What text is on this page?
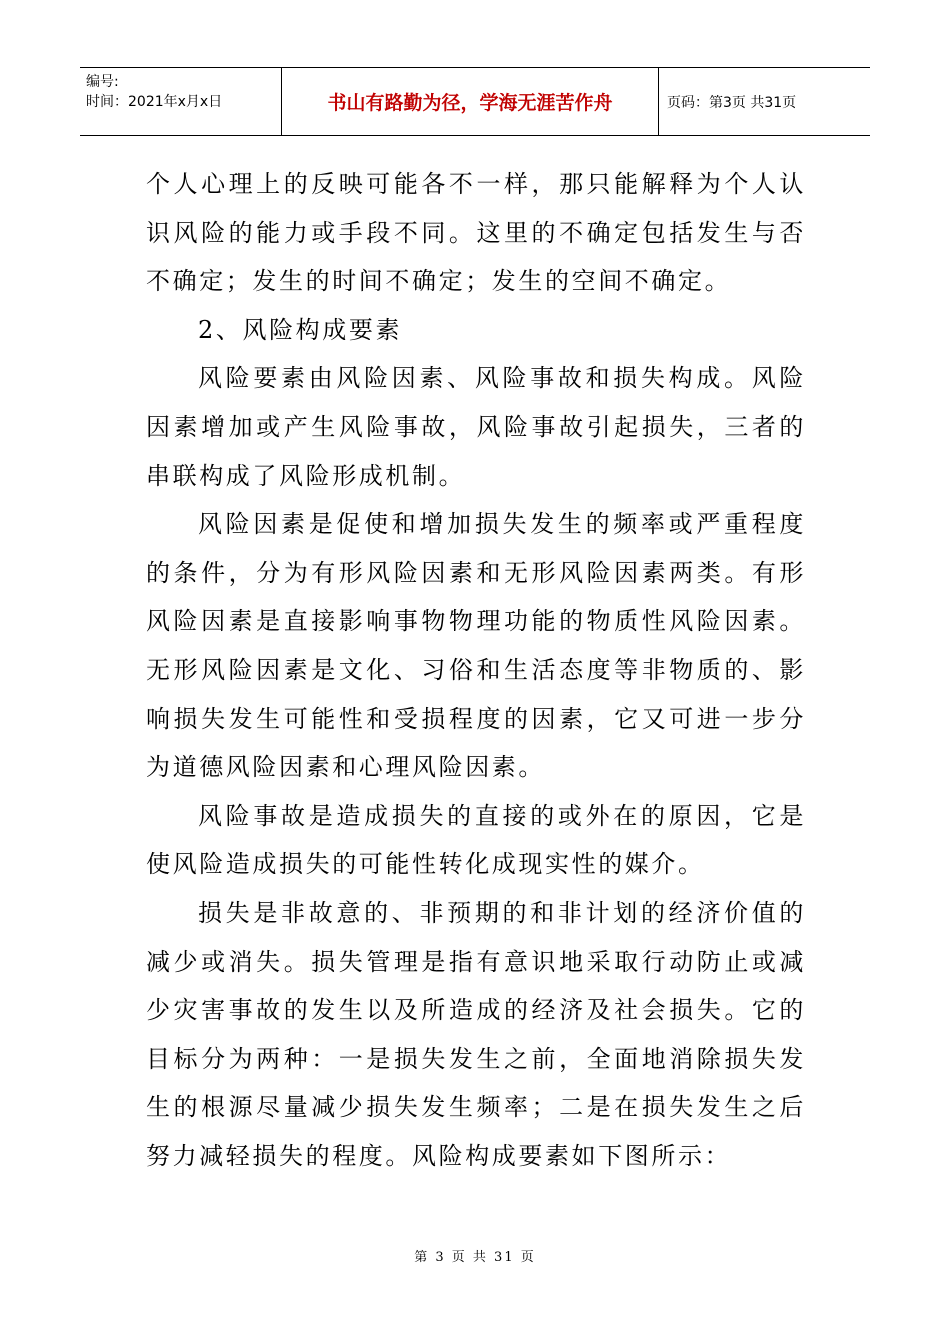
编号:
时间：2021年x月x日	书山有路勤为径，学海无涯苦作舟	页码：第3页 共31页

个人心理上的反映可能各不一样，那只能解释为个人认识风险的能力或手段不同。这里的不确定包括发生与否不确定；发生的时间不确定；发生的空间不确定。

2、风险构成要素

风险要素由风险因素、风险事故和损失构成。风险因素增加或产生风险事故，风险事故引起损失，三者的串联构成了风险形成机制。

风险因素是促使和增加损失发生的频率或严重程度的条件，分为有形风险因素和无形风险因素两类。有形风险因素是直接影响事物物理功能的物质性风险因素。无形风险因素是文化、习俗和生活态度等非物质的、影响损失发生可能性和受损程度的因素，它又可进一步分为道德风险因素和心理风险因素。

风险事故是造成损失的直接的或外在的原因，它是使风险造成损失的可能性转化成现实性的媒介。

损失是非故意的、非预期的和非计划的经济价值的减少或消失。损失管理是指有意识地采取行动防止或减少灾害事故的发生以及所造成的经济及社会损失。它的目标分为两种：一是损失发生之前，全面地消除损失发生的根源尽量减少损失发生频率；二是在损失发生之后努力减轻损失的程度。风险构成要素如下图所示：

第 3 页 共 31 页
